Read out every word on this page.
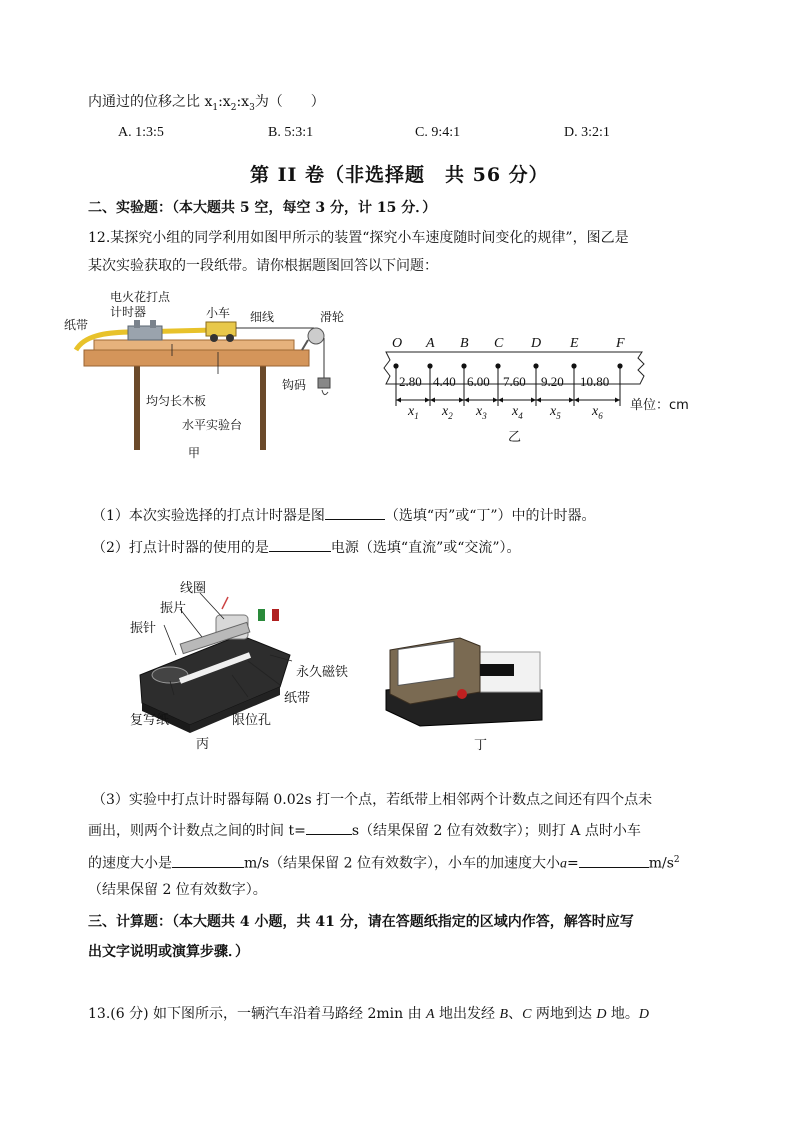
内通过的位移之比 $x_1:x_2:x_3$为（　　）
A. 1:3:5	B. 5:3:1	C. 9:4:1	D. 3:2:1
第 II 卷（非选择题　共 56 分）
二、实验题：（本大题共 5 空，每空 3 分，计 15 分．）
12.某探究小组的同学利用如图甲所示的装置“探究小车速度随时间变化的规律”，图乙是
某次实验获取的一段纸带。请你根据题图回答以下问题：
纸带
电火花打点
计时器	小车 细线	滑轮
钩码
均匀长木板
水平实验台
甲
O A B C D E	F
2.80 4.40 6.00 7.60 9.20 10.80
$x_1$ $x_2$ $x_3$ $x_4$ $x_5$ $x_6$
单位：cm
乙
（1）本次实验选择的打点计时器是图	（选填“丙”或“丁”）中的计时器。
（2）打点计时器的使用的是	电源（选填“直流”或“交流”）。
线圈
振片
振针
永久磁铁
纸带
复写纸	限位孔
丙	丁
（3）实验中打点计时器每隔 0.02s 打一个点，若纸带上相邻两个计数点之间还有四个点未
画出，则两个计数点之间的时间 t=	s（结果保留 2 位有效数字）；则打 A 点时小车
的速度大小是	m/s（结果保留 2 位有效数字），小车的加速度大小a=	$m/s^2$
（结果保留 2 位有效数字）。
三、计算题：（本大题共 4 小题，共 41 分，请在答题纸指定的区域内作答，解答时应写
出文字说明或演算步骤．）
13.(6 分) 如下图所示，一辆汽车沿着马路经 2min 由 A 地出发经 B、C 两地到达 D 地。D
